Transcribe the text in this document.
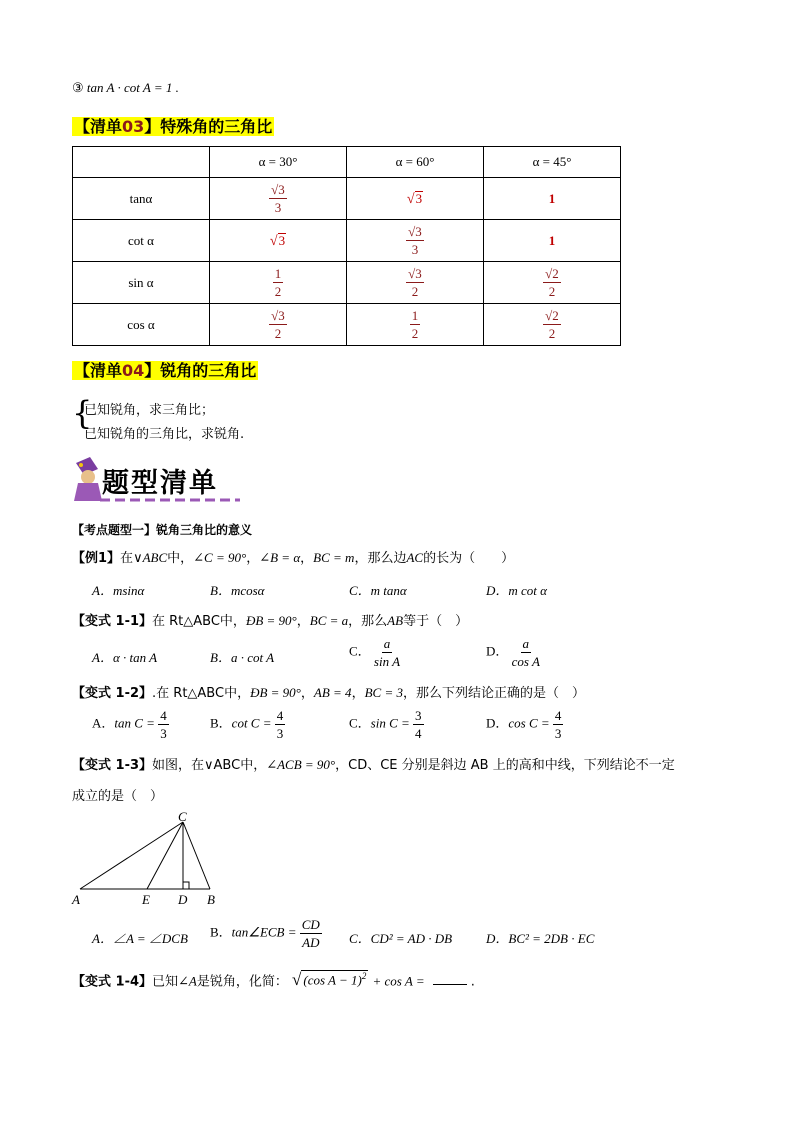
③ tan A · cot A = 1 .
【清单03】特殊角的三角比
	α = 30°	α = 60°	α = 45°
tanα	$\frac{√3}{3}$	√ 3	1
cot α	√ 3	$\frac{√3}{3}$	1
sin α	$\frac{1}{2}$	$\frac{√3}{2}$	$\frac{√2}{2}$

cos α	$\frac{√3}{2}$	$\frac{1}{2}$	$\frac{√2}{2}$
【清单04】锐角的三角比
{
已知锐角，求三角比；
已知锐角的三角比，求锐角.
题型清单
【考点题型一】锐角三角比的意义
【例1】在∨ABC中，∠C = 90°，∠B = α，BC = m，那么边AC的长为（　　）
A．msinα	B．mcosα	C．m tanα	D．m cot α
【变式 1-1】在 Rt△ABC中，ÐB = 90°，BC = a，那么AB等于（　）
A．α · tan A	B．a · cot A	C． $\frac{a}{\text{sin A}}$	D． $\frac{a}{\text{cos A}}$
【变式 1-2】.在 Rt△ABC中，ÐB = 90°，AB = 4，BC = 3，那么下列结论正确的是（　）
A．$\tan C = \frac{4}{3}$	B．$\cot C = \frac{4}{3}$	C．$\sin C = \frac{3}{4}$	D．$\cos C = \frac{4}{3}$
【变式 1-3】如图，在∨ABC中，∠ACB = 90°，CD、CE 分别是斜边 AB 上的高和中线，下列结论不一定
成立的是（　）
C
A	E D B
A．∠A = ∠DCB B．tan∠ECB = $\frac{CD}{AD}$ C．CD² = AD · DB	D．BC² = 2DB · EC
【变式 1-4】已知∠A是锐角，化简： √ (cos A − 1)$^2$ + cos A =	.
